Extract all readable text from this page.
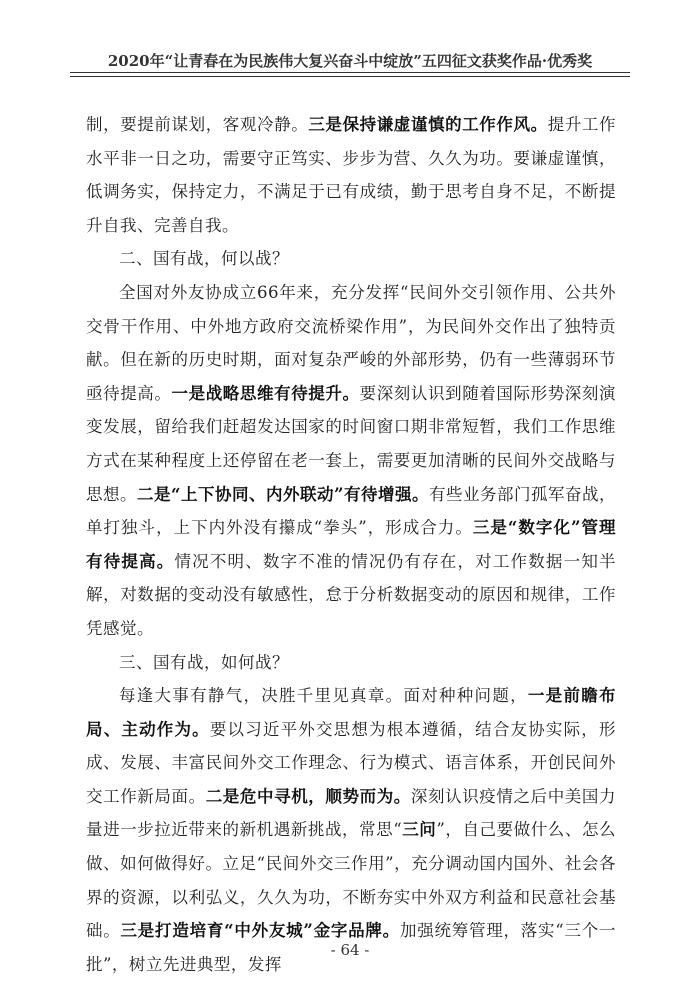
2020年“让青春在为民族伟大复兴奋斗中绽放”五四征文获奖作品·优秀奖

制，要提前谋划，客观冷静。三是保持谦虚谨慎的工作作风。提升工作水平非一日之功，需要守正笃实、步步为营、久久为功。要谦虚谨慎，低调务实，保持定力，不满足于已有成绩，勤于思考自身不足，不断提升自我、完善自我。

二、国有战，何以战？

全国对外友协成立66年来，充分发挥“民间外交引领作用、公共外交骨干作用、中外地方政府交流桥梁作用”，为民间外交作出了独特贡献。但在新的历史时期，面对复杂严峻的外部形势，仍有一些薄弱环节亟待提高。一是战略思维有待提升。要深刻认识到随着国际形势深刻演变发展，留给我们赶超发达国家的时间窗口期非常短暂，我们工作思维方式在某种程度上还停留在老一套上，需要更加清晰的民间外交战略与思想。二是“上下协同、内外联动”有待增强。有些业务部门孤军奋战，单打独斗，上下内外没有攥成“拳头”，形成合力。三是“数字化”管理有待提高。情况不明、数字不准的情况仍有存在，对工作数据一知半解，对数据的变动没有敏感性，怠于分析数据变动的原因和规律，工作凭感觉。

三、国有战，如何战？

每逢大事有静气，决胜千里见真章。面对种种问题，一是前瞻布局、主动作为。要以习近平外交思想为根本遵循，结合友协实际，形成、发展、丰富民间外交工作理念、行为模式、语言体系，开创民间外交工作新局面。二是危中寻机，顺势而为。深刻认识疫情之后中美国力量进一步拉近带来的新机遇新挑战，常思“三问”，自己要做什么、怎么做、如何做得好。立足“民间外交三作用”，充分调动国内国外、社会各界的资源，以利弘义，久久为功，不断夯实中外双方利益和民意社会基础。三是打造培育“中外友城”金字品牌。加强统筹管理，落实“三个一批”，树立先进典型，发挥

- 64 -
